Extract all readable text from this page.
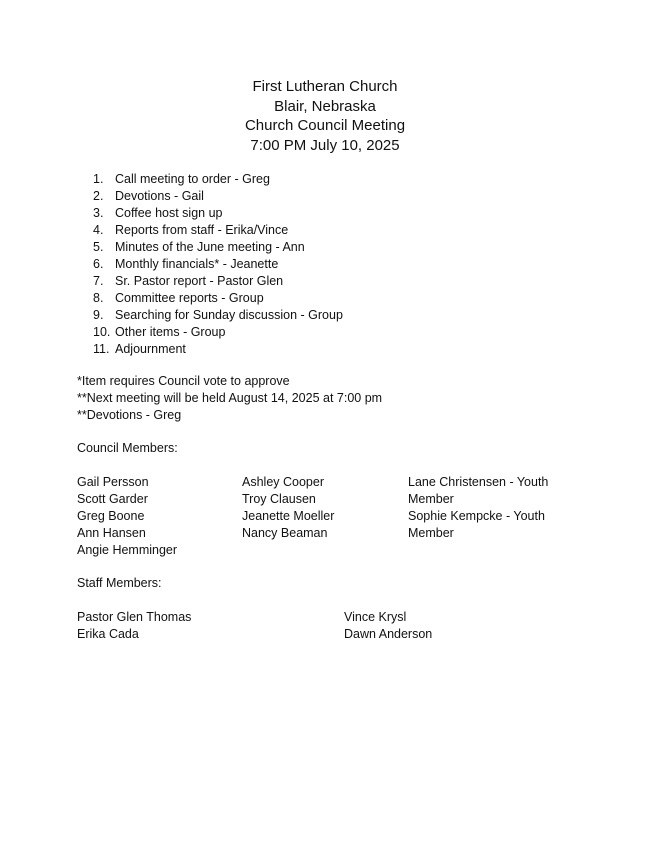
First Lutheran Church
Blair, Nebraska
Church Council Meeting
7:00 PM July 10, 2025
1. Call meeting to order - Greg
2. Devotions - Gail
3. Coffee host sign up
4. Reports from staff - Erika/Vince
5. Minutes of the June meeting - Ann
6. Monthly financials* - Jeanette
7. Sr. Pastor report - Pastor Glen
8. Committee reports - Group
9. Searching for Sunday discussion - Group
10. Other items - Group
11. Adjournment
*Item requires Council vote to approve
**Next meeting will be held August 14, 2025 at 7:00 pm
**Devotions - Greg
Council Members:
Gail Persson
Scott Garder
Greg Boone
Ann Hansen
Angie Hemminger
Ashley Cooper
Troy Clausen
Jeanette Moeller
Nancy Beaman
Lane Christensen - Youth
Member
Sophie Kempcke - Youth
Member
Staff Members:
Pastor Glen Thomas
Erika Cada
Vince Krysl
Dawn Anderson
